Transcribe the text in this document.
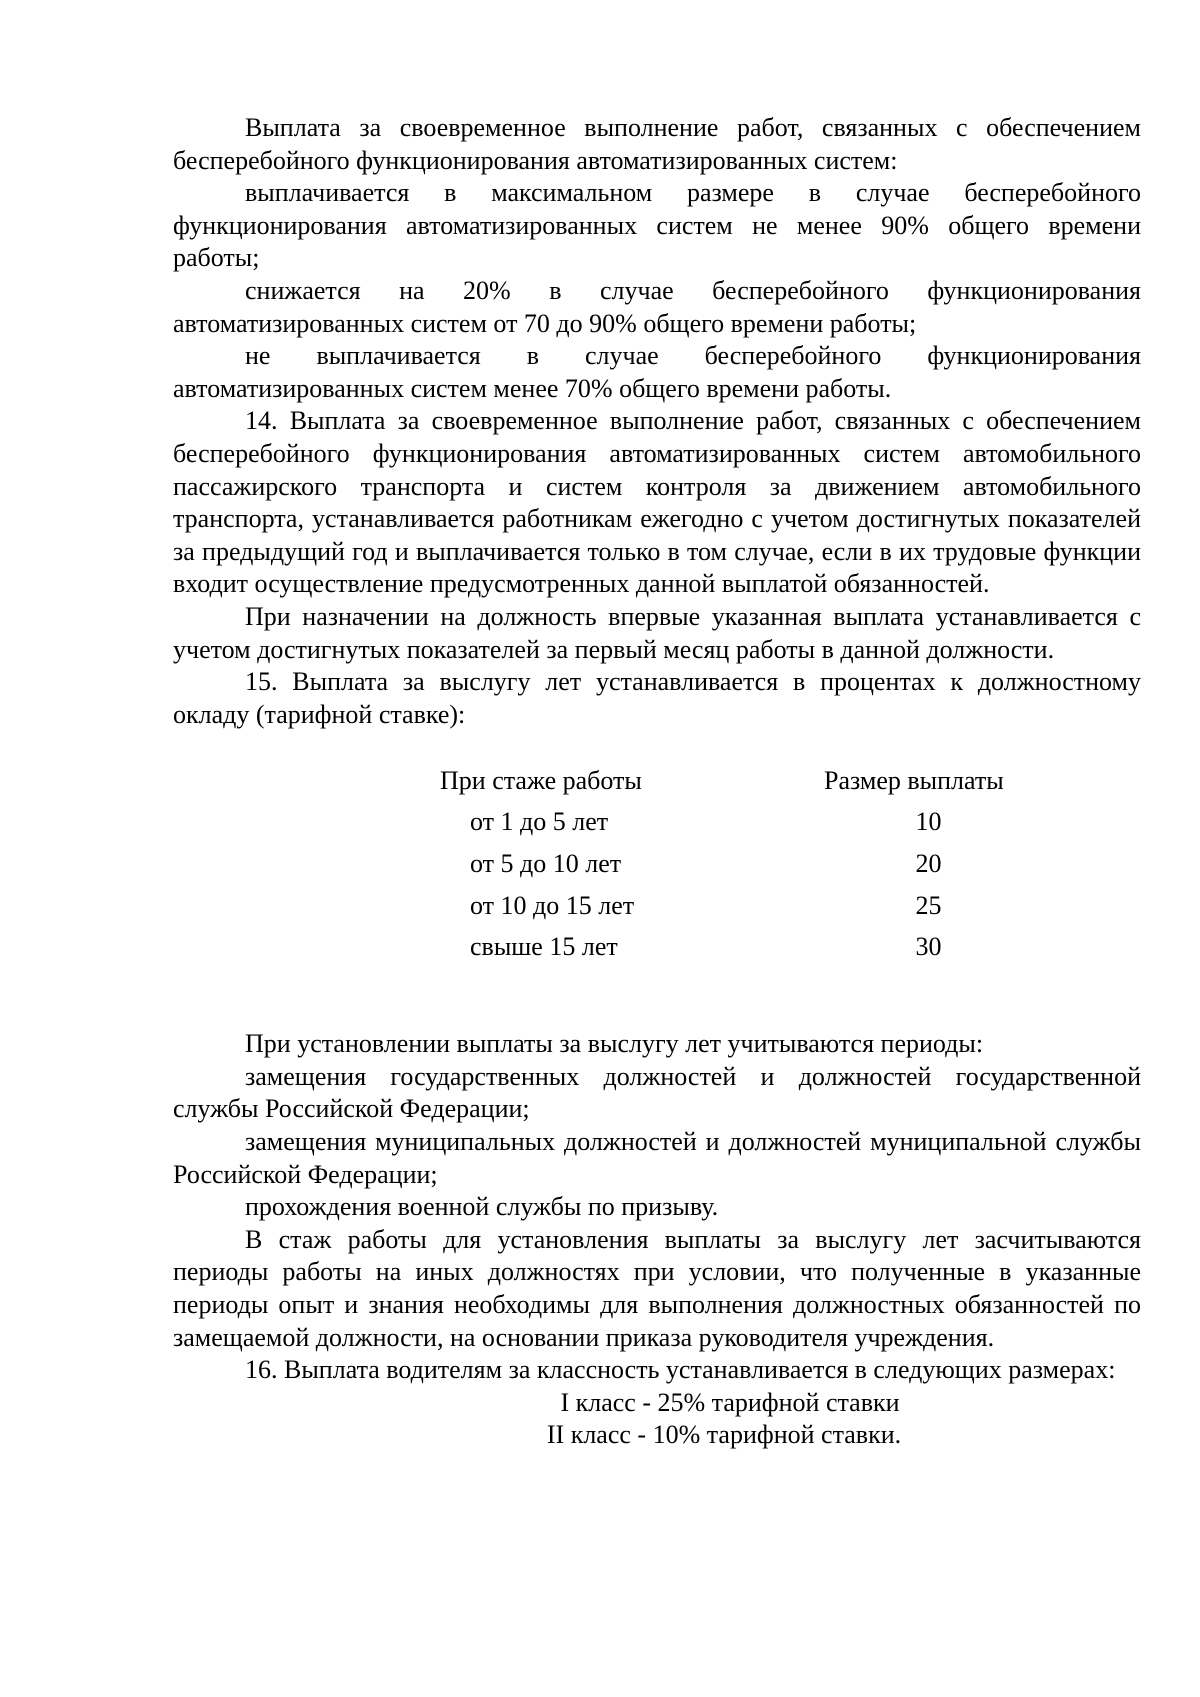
Выплата за своевременное выполнение работ, связанных с обеспечением бесперебойного функционирования автоматизированных систем:

выплачивается в максимальном размере в случае бесперебойного функционирования автоматизированных систем не менее 90% общего времени работы;

снижается на 20% в случае бесперебойного функционирования автоматизированных систем от 70 до 90% общего времени работы;

не выплачивается в случае бесперебойного функционирования автоматизированных систем менее 70% общего времени работы.

14. Выплата за своевременное выполнение работ, связанных с обеспечением бесперебойного функционирования автоматизированных систем автомобильного пассажирского транспорта и систем контроля за движением автомобильного транспорта, устанавливается работникам ежегодно с учетом достигнутых показателей за предыдущий год и выплачивается только в том случае, если в их трудовые функции входит осуществление предусмотренных данной выплатой обязанностей.

При назначении на должность впервые указанная выплата устанавливается с учетом достигнутых показателей за первый месяц работы в данной должности.

15. Выплата за выслугу лет устанавливается в процентах к должностному окладу (тарифной ставке):

При стаже работы	Размер выплаты
от 1 до 5 лет	10
от 5 до 10 лет	20
от 10 до 15 лет	25
свыше 15 лет	30

При установлении выплаты за выслугу лет учитываются периоды:

замещения государственных должностей и должностей государственной службы Российской Федерации;

замещения муниципальных должностей и должностей муниципальной службы Российской Федерации;

прохождения военной службы по призыву.

В стаж работы для установления выплаты за выслугу лет засчитываются периоды работы на иных должностях при условии, что полученные в указанные периоды опыт и знания необходимы для выполнения должностных обязанностей по замещаемой должности, на основании приказа руководителя учреждения.

16. Выплата водителям за классность устанавливается в следующих размерах:

I класс - 25% тарифной ставки

II класс - 10% тарифной ставки.
